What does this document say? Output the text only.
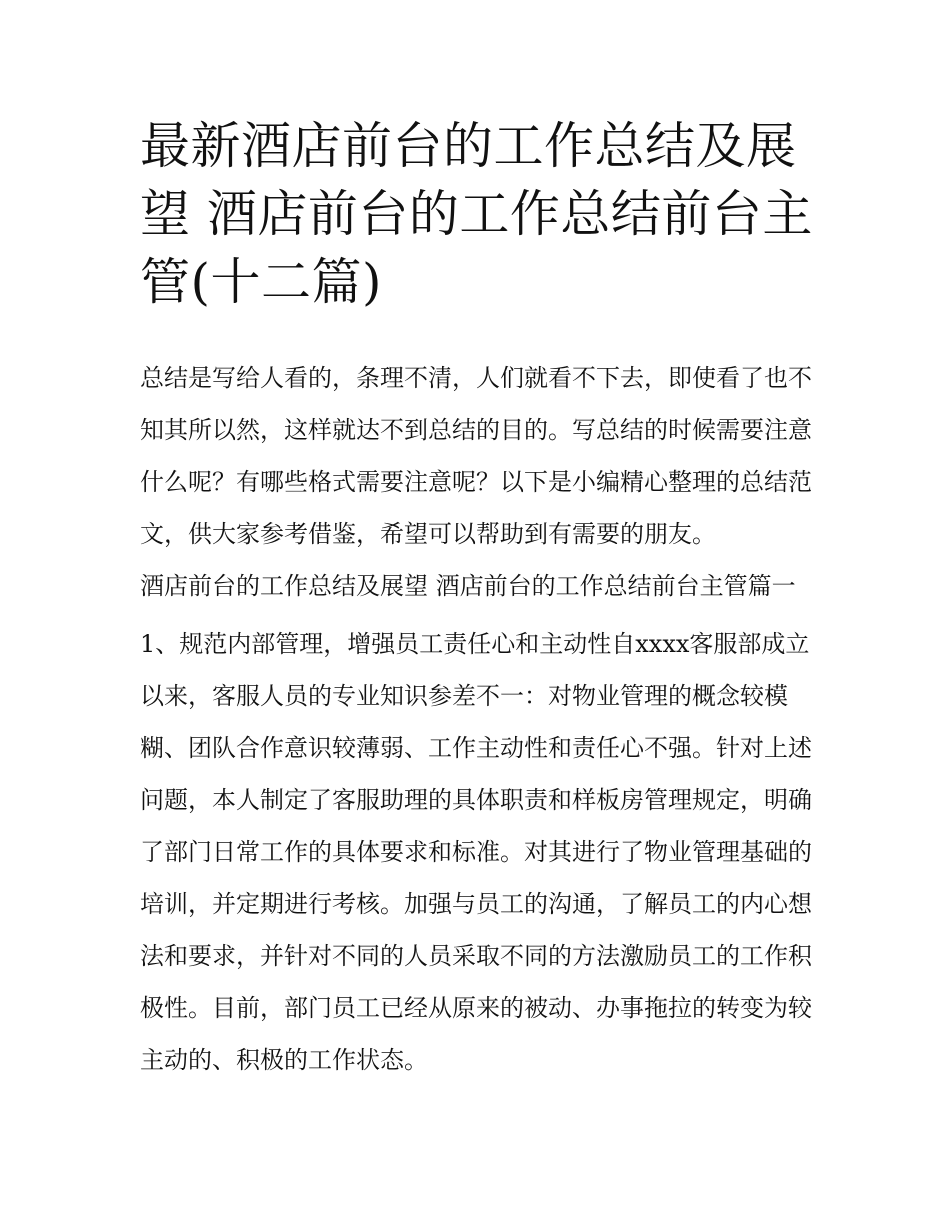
最新酒店前台的工作总结及展望 酒店前台的工作总结前台主管(十二篇)

总结是写给人看的，条理不清，人们就看不下去，即使看了也不知其所以然，这样就达不到总结的目的。写总结的时候需要注意什么呢？有哪些格式需要注意呢？以下是小编精心整理的总结范文，供大家参考借鉴，希望可以帮助到有需要的朋友。

酒店前台的工作总结及展望 酒店前台的工作总结前台主管篇一

1、规范内部管理，增强员工责任心和主动性自xxxx客服部成立以来，客服人员的专业知识参差不一：对物业管理的概念较模糊、团队合作意识较薄弱、工作主动性和责任心不强。针对上述问题，本人制定了客服助理的具体职责和样板房管理规定，明确了部门日常工作的具体要求和标准。对其进行了物业管理基础的培训，并定期进行考核。加强与员工的沟通，了解员工的内心想法和要求，并针对不同的人员采取不同的方法激励员工的工作积极性。目前，部门员工已经从原来的被动、办事拖拉的转变为较主动的、积极的工作状态。
